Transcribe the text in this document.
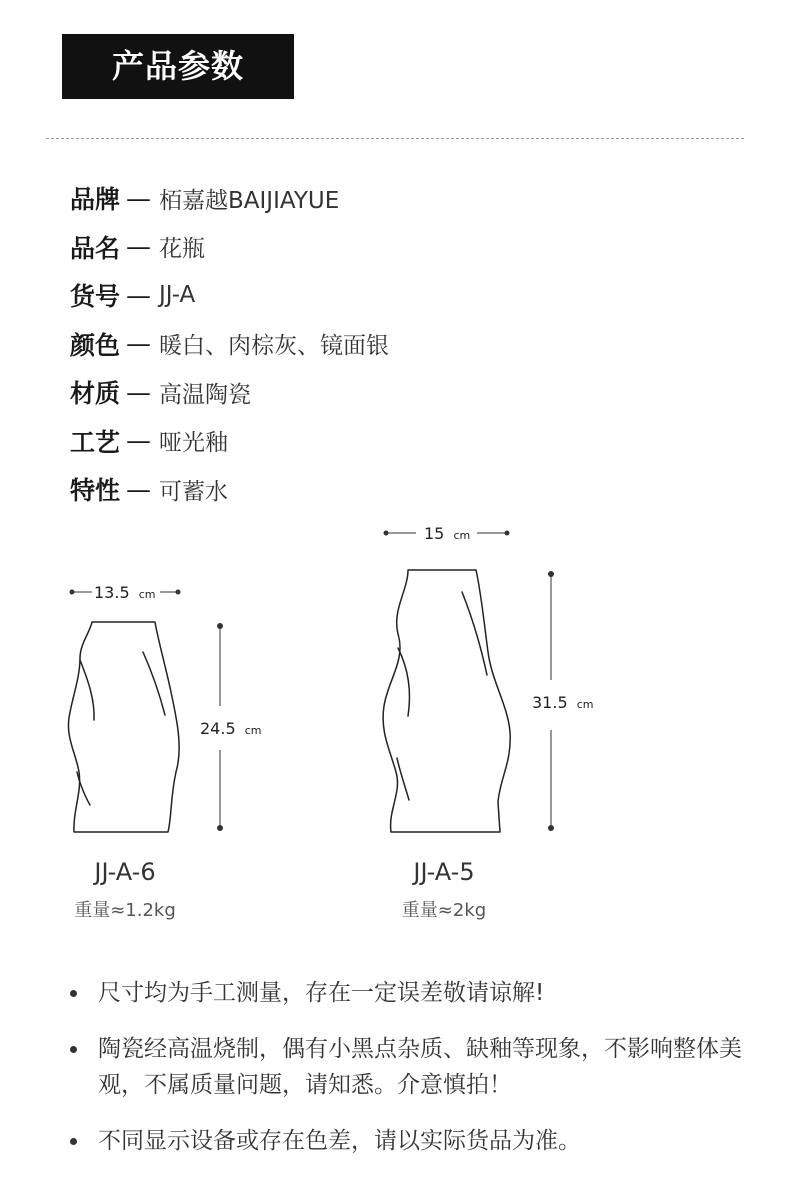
产品参数
品牌 — 栢嘉越BAIJIAYUE
品名 — 花瓶
货号 — JJ-A
颜色 — 暖白、肉棕灰、镜面银
材质 — 高温陶瓷
工艺 — 哑光釉
特性 — 可蓄水
13.5 cm
24.5 cm
15 cm
31.5 cm
JJ-A-6
重量≈1.2kg
JJ-A-5
重量≈2kg
尺寸均为手工测量，存在一定误差敬请谅解!
陶瓷经高温烧制，偶有小黑点杂质、缺釉等现象，不影响整体美观，不属质量问题，请知悉。介意慎拍！
不同显示设备或存在色差，请以实际货品为准。
